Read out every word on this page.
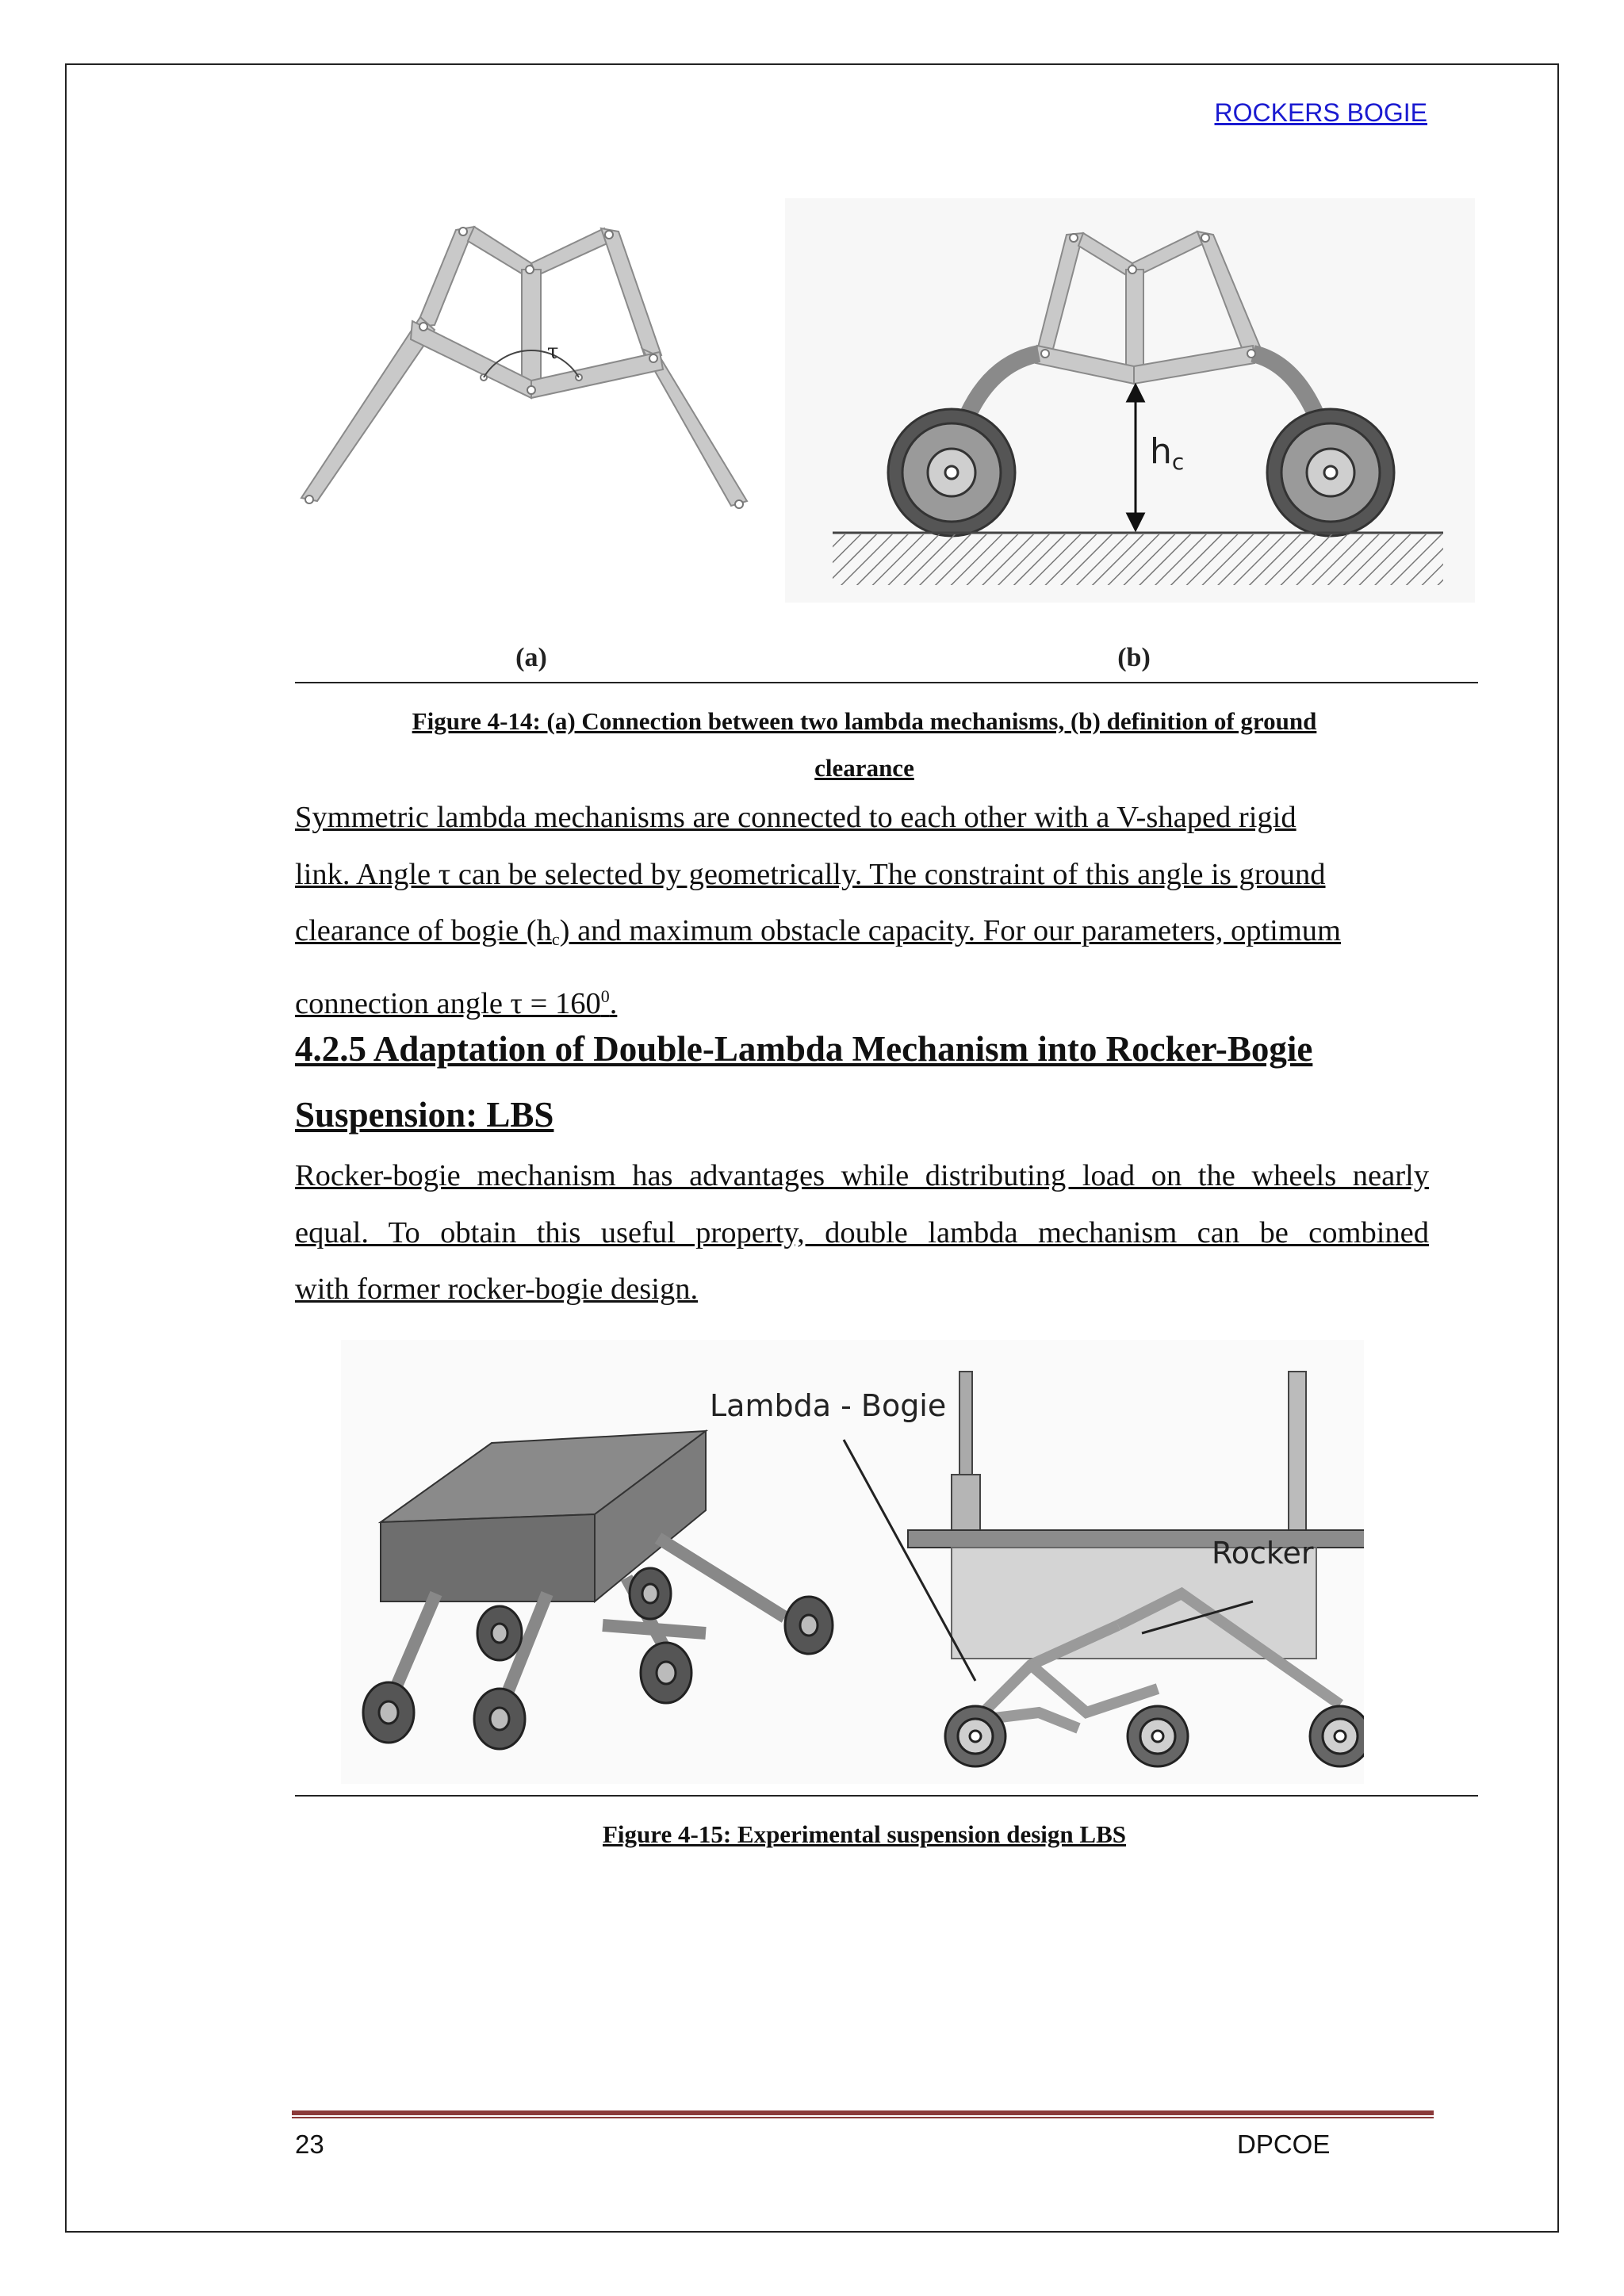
ROCKERS BOGIE
τ
(a)
hc
(b)
Figure 4-14: (a) Connection between two lambda mechanisms, (b) definition of ground
clearance
Symmetric lambda mechanisms are connected to each other with a V-shaped rigid
link. Angle τ can be selected by geometrically. The constraint of this angle is ground
clearance of bogie $(h_c)$ and maximum obstacle capacity. For our parameters, optimum
connection angle $\tau = 160^0$.
4.2.5 Adaptation of Double-Lambda Mechanism into Rocker-Bogie
Suspension: LBS
Rocker-bogie mechanism has advantages while distributing load on the wheels nearly
equal. To obtain this useful property, double lambda mechanism can be combined
with former rocker-bogie design.
Lambda - Bogie
Rocker
Figure 4-15: Experimental suspension design LBS
23	DPCOE
